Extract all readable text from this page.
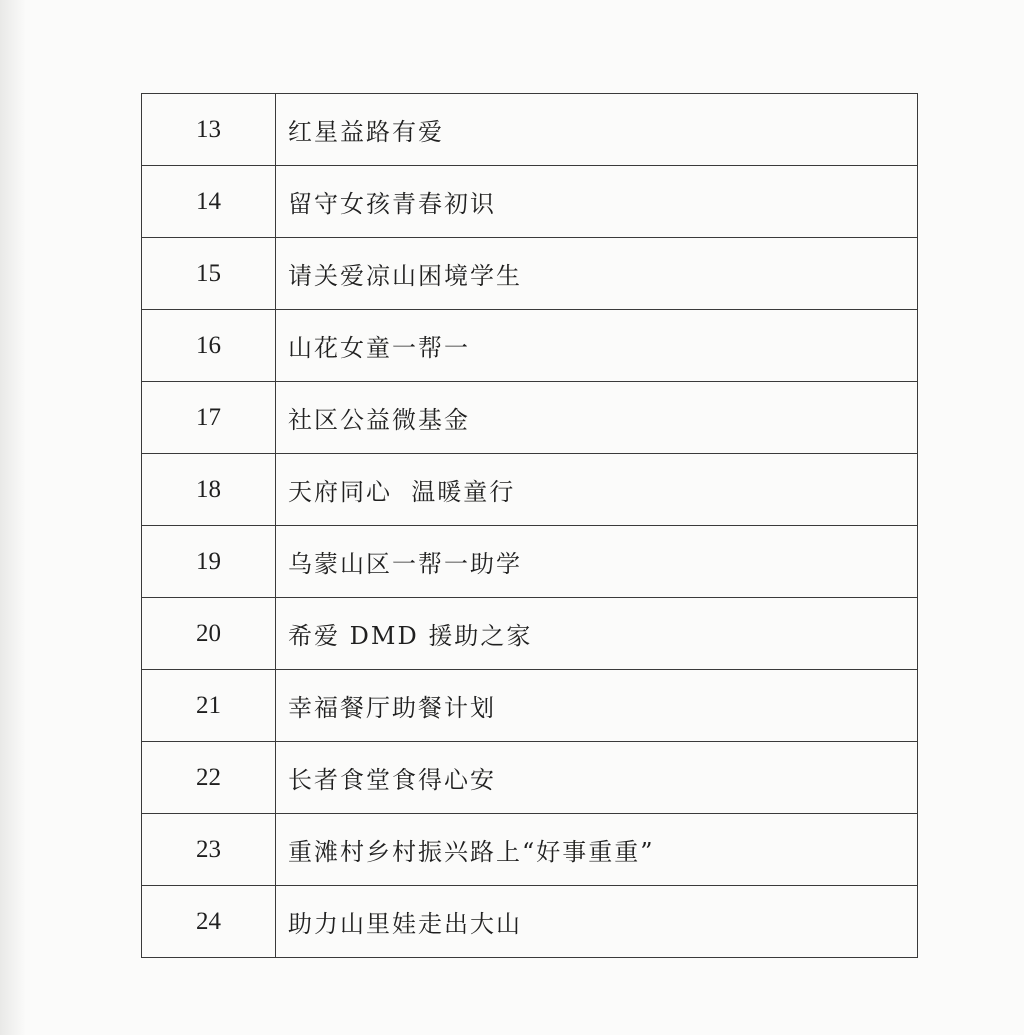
13	红星益路有爱
14	留守女孩青春初识
15	请关爱凉山困境学生
16	山花女童一帮一
17	社区公益微基金
18	天府同心  温暖童行
19	乌蒙山区一帮一助学
20	希爱 DMD 援助之家
21	幸福餐厅助餐计划
22	长者食堂食得心安
23	重滩村乡村振兴路上“好事重重”
24	助力山里娃走出大山
